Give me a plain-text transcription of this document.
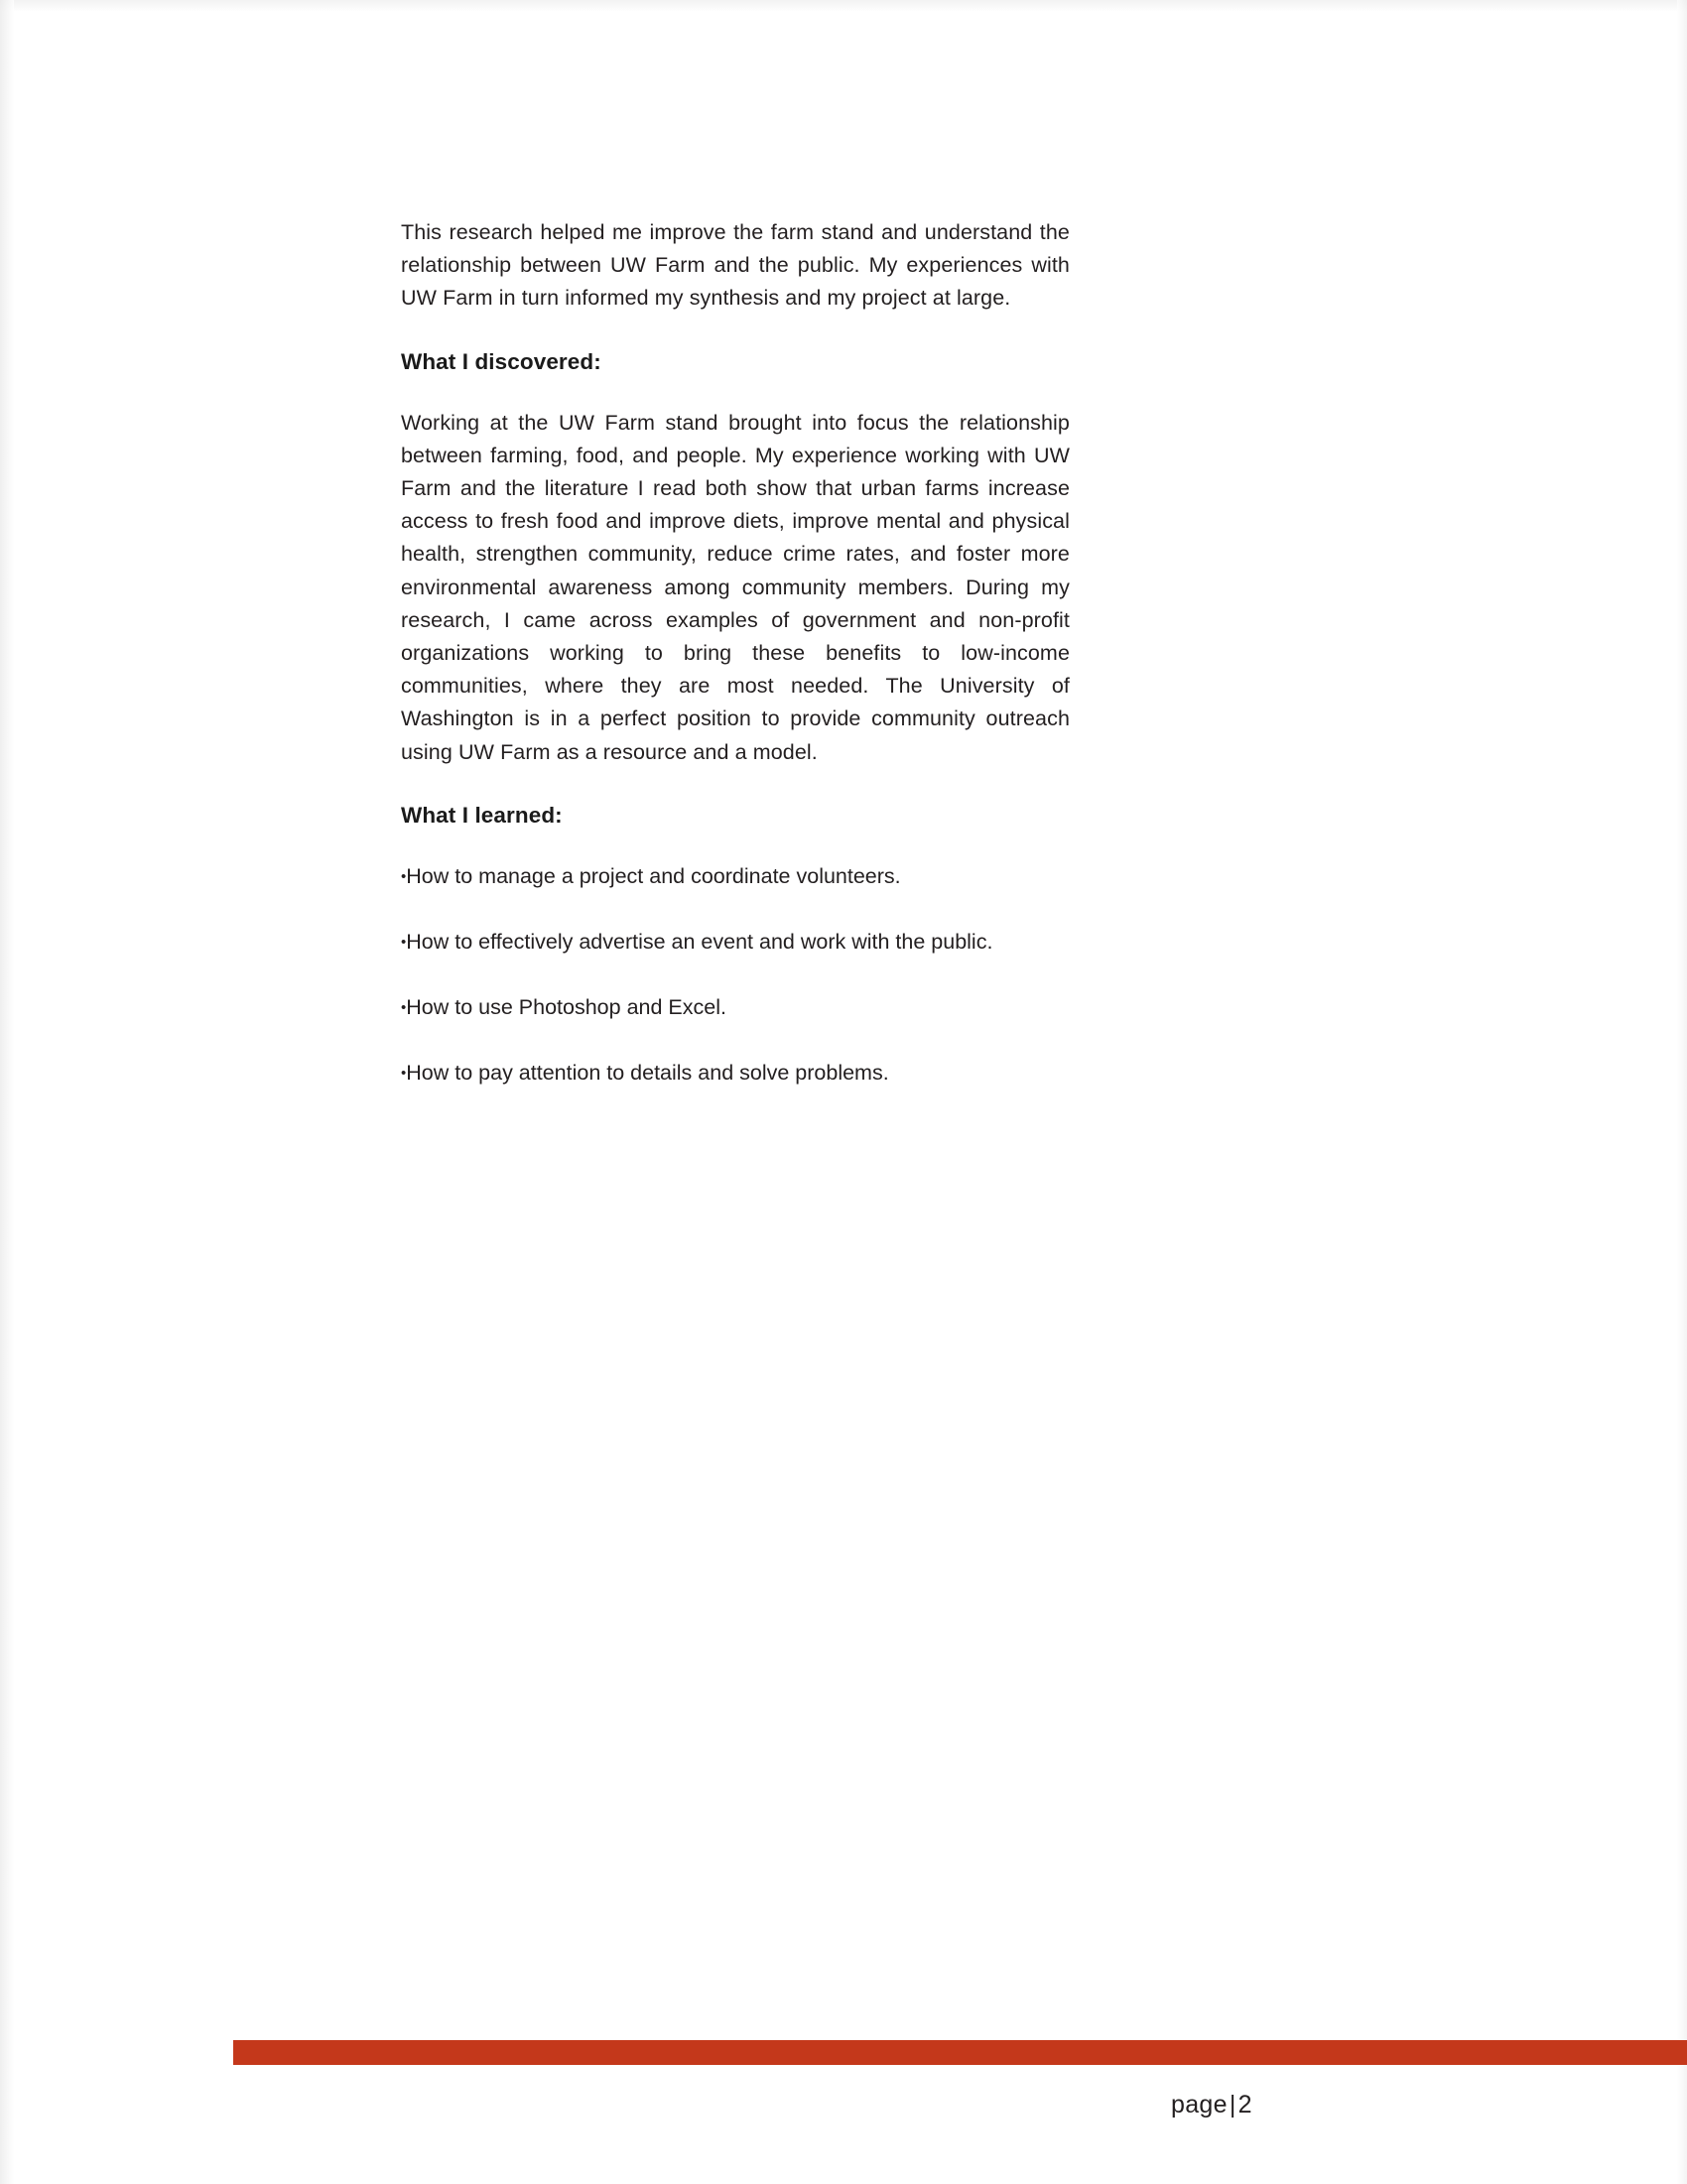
This research helped me improve the farm stand and understand the relationship between UW Farm and the public. My experiences with UW Farm in turn informed my synthesis and my project at large.

What I discovered:

Working at the UW Farm stand brought into focus the relationship between farming, food, and people. My experience working with UW Farm and the literature I read both show that urban farms increase access to fresh food and improve diets, improve mental and physical health, strengthen community, reduce crime rates, and foster more environmental awareness among community members. During my research, I came across examples of government and non-profit organizations working to bring these benefits to low-income communities, where they are most needed. The University of Washington is in a perfect position to provide community outreach using UW Farm as a resource and a model.

What I learned:

•How to manage a project and coordinate volunteers.

•How to effectively advertise an event and work with the public.

•How to use Photoshop and Excel.

•How to pay attention to details and solve problems.

page|2
